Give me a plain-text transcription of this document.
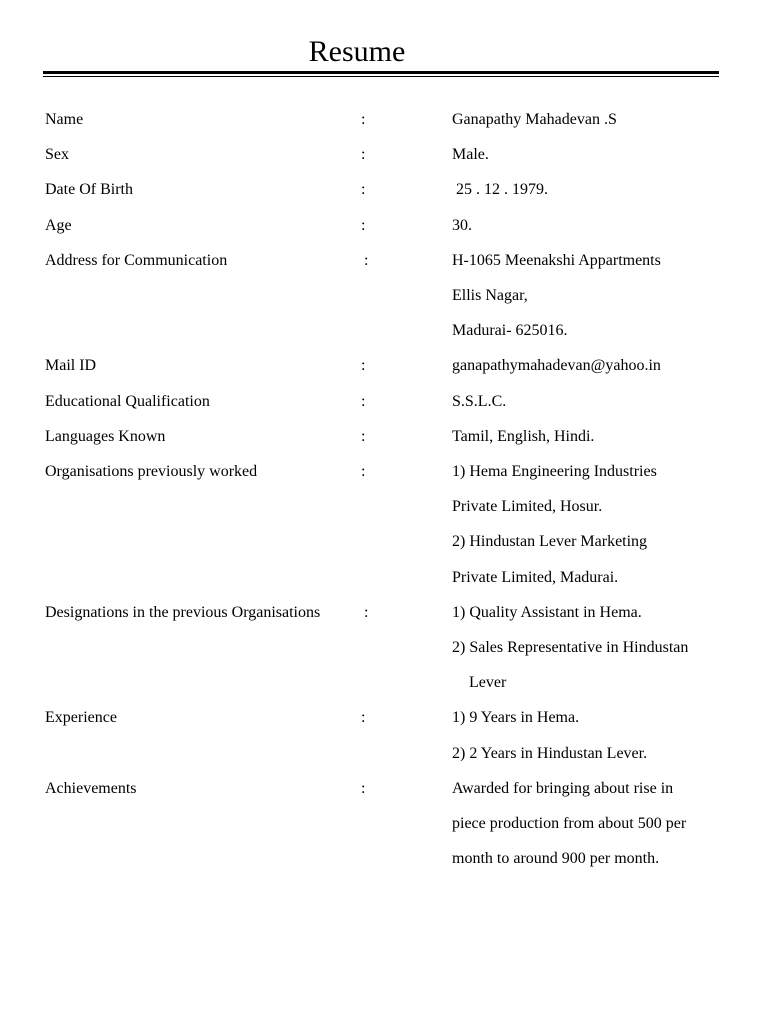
Resume
Name	:	Ganapathy Mahadevan .S
Sex	:	Male.
Date Of Birth	:	25 . 12 . 1979.
Age	:	30.
Address for Communication	:	H-1065 Meenakshi Appartments
Ellis Nagar,
Madurai- 625016.
Mail ID	:	ganapathymahadevan@yahoo.in
Educational Qualification	:	S.S.L.C.
Languages Known	:	Tamil, English, Hindi.
Organisations previously worked	:	1) Hema Engineering Industries
Private Limited, Hosur.
2) Hindustan Lever Marketing
Private Limited, Madurai.
Designations in the previous Organisations	:	1) Quality Assistant in Hema.
2) Sales Representative in Hindustan
Lever
Experience	:	1) 9 Years in Hema.
2) 2 Years in Hindustan Lever.
Achievements	:	Awarded for bringing about rise in
piece production from about 500 per
month to around 900 per month.
